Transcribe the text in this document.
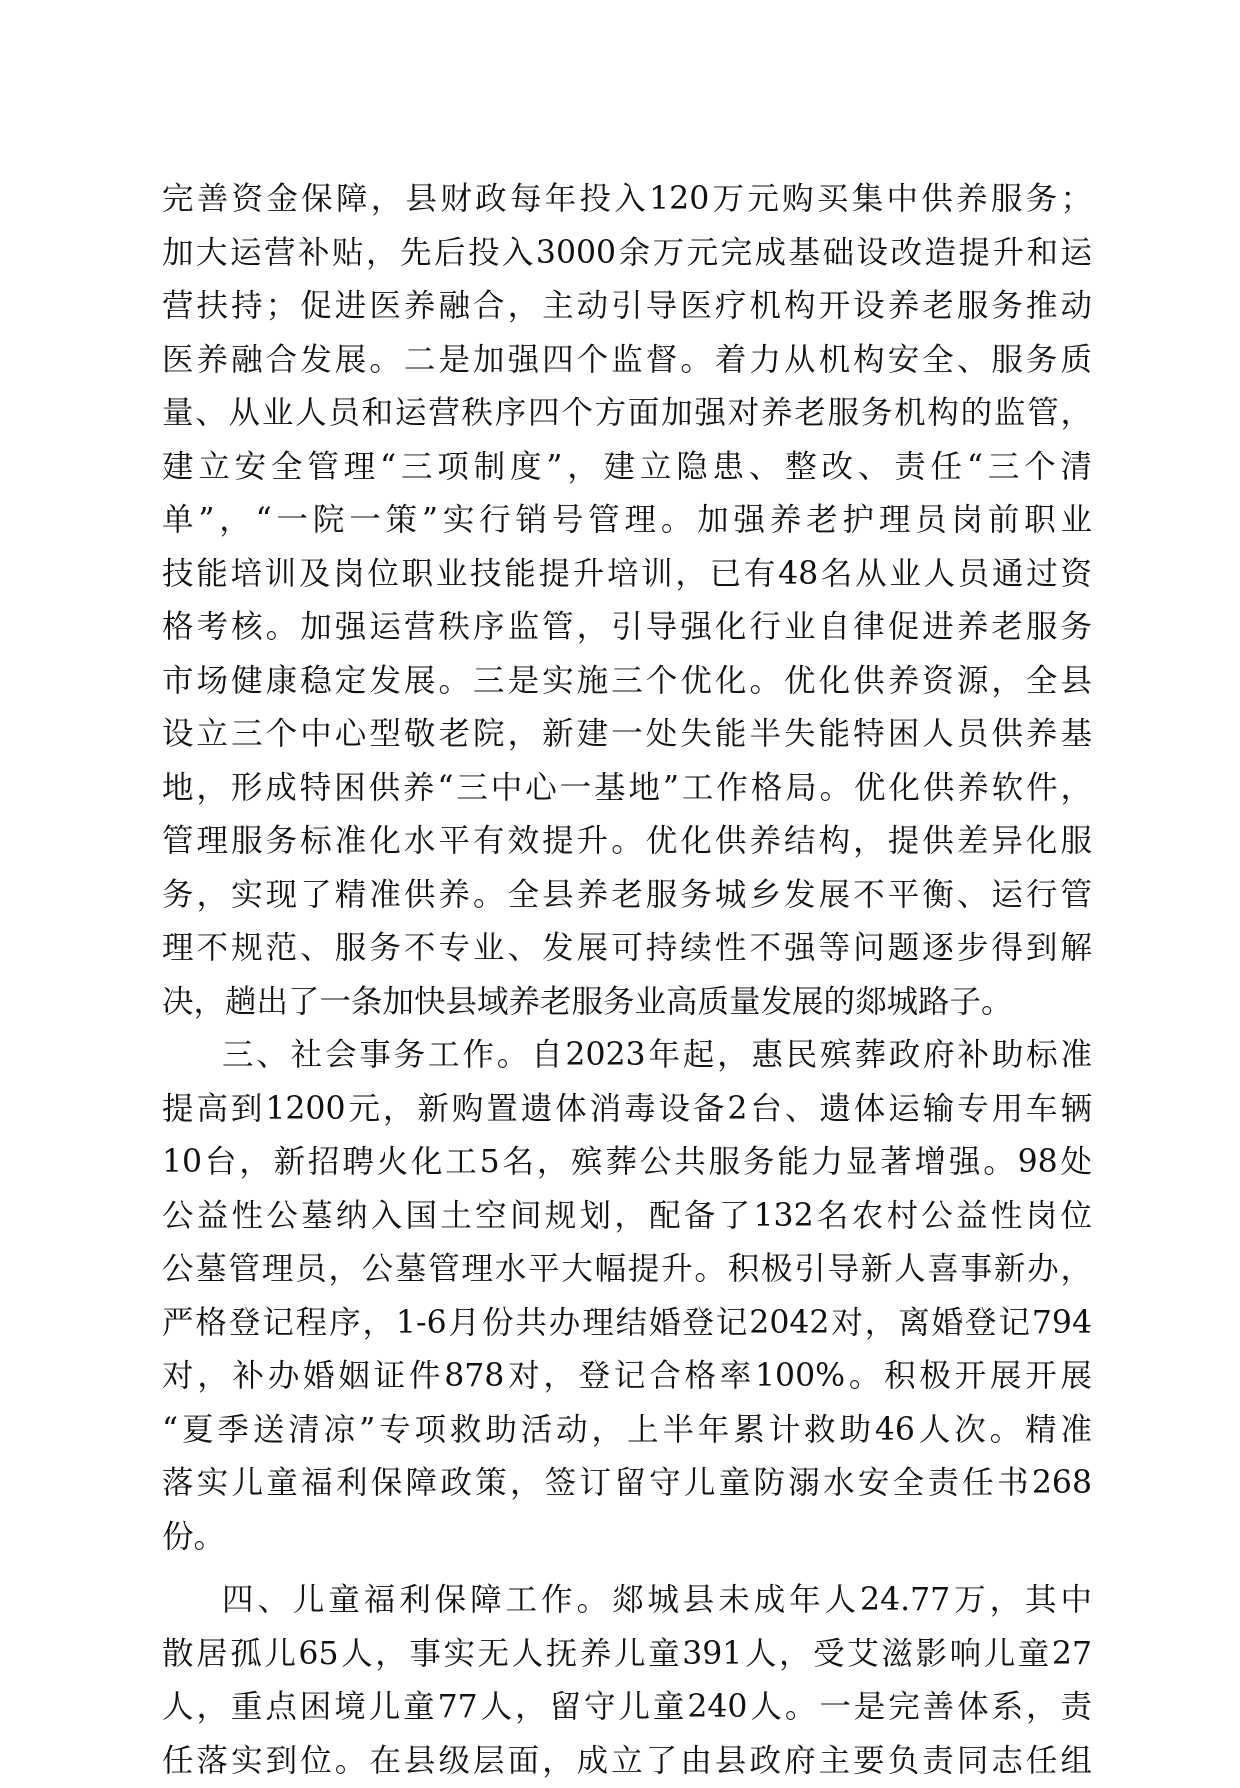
完善资金保障，县财政每年投入120万元购买集中供养服务；
加大运营补贴，先后投入3000余万元完成基础设改造提升和运
营扶持；促进医养融合，主动引导医疗机构开设养老服务推动
医养融合发展。二是加强四个监督。着力从机构安全、服务质
量、从业人员和运营秩序四个方面加强对养老服务机构的监管，
建立安全管理“三项制度”，建立隐患、整改、责任“三个清
单”，“一院一策”实行销号管理。加强养老护理员岗前职业
技能培训及岗位职业技能提升培训，已有48名从业人员通过资
格考核。加强运营秩序监管，引导强化行业自律促进养老服务
市场健康稳定发展。三是实施三个优化。优化供养资源，全县
设立三个中心型敬老院，新建一处失能半失能特困人员供养基
地，形成特困供养“三中心一基地”工作格局。优化供养软件，
管理服务标准化水平有效提升。优化供养结构，提供差异化服
务，实现了精准供养。全县养老服务城乡发展不平衡、运行管
理不规范、服务不专业、发展可持续性不强等问题逐步得到解
决，趟出了一条加快县域养老服务业高质量发展的郯城路子。
三、社会事务工作。自2023年起，惠民殡葬政府补助标准
提高到1200元，新购置遗体消毒设备2台、遗体运输专用车辆
10台，新招聘火化工5名，殡葬公共服务能力显著增强。98处
公益性公墓纳入国土空间规划，配备了132名农村公益性岗位
公墓管理员，公墓管理水平大幅提升。积极引导新人喜事新办，
严格登记程序，1-6月份共办理结婚登记2042对，离婚登记794
对，补办婚姻证件878对，登记合格率100%。积极开展开展
“夏季送清凉”专项救助活动，上半年累计救助46人次。精准
落实儿童福利保障政策，签订留守儿童防溺水安全责任书268
份。
四、儿童福利保障工作。郯城县未成年人24.77万，其中
散居孤儿65人，事实无人抚养儿童391人，受艾滋影响儿童27
人，重点困境儿童77人，留守儿童240人。一是完善体系，责
任落实到位。在县级层面，成立了由县政府主要负责同志任组
